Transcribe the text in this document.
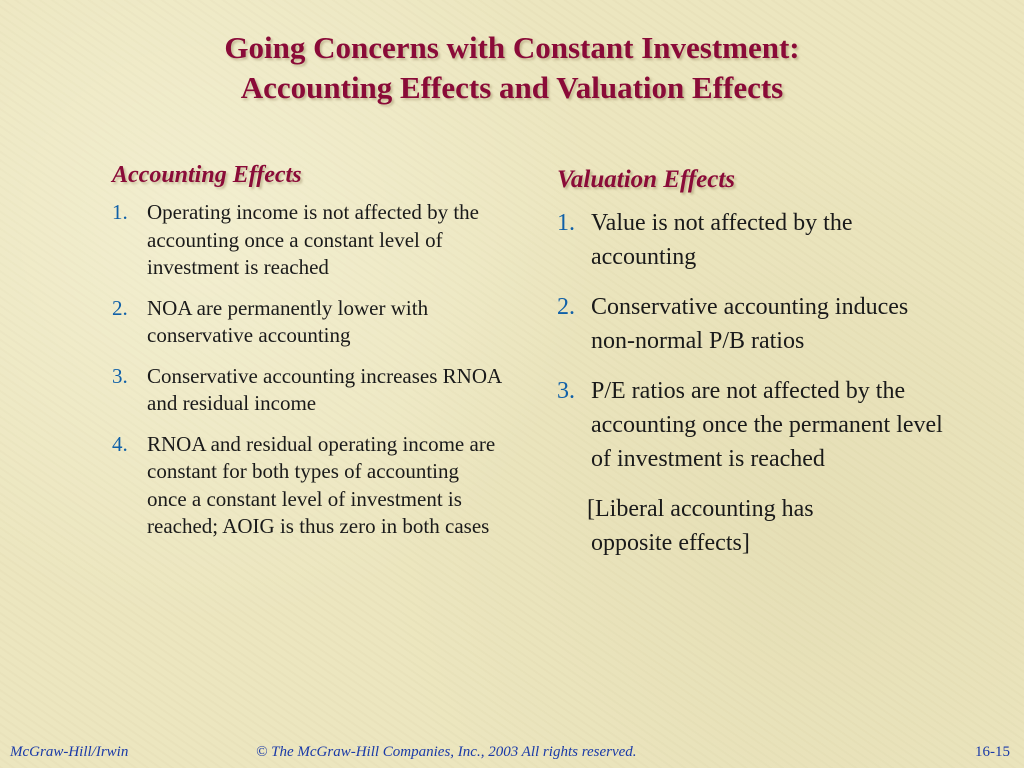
Going Concerns with Constant Investment:
Accounting Effects and Valuation Effects
Accounting Effects
1. Operating income is not affected by the accounting once a constant level of investment is reached
2. NOA are permanently lower with conservative accounting
3. Conservative accounting increases RNOA and residual income
4. RNOA and residual operating income are constant for both types of accounting once a constant level of investment is reached; AOIG is thus zero in both cases
Valuation Effects
1. Value is not affected by the accounting
2. Conservative accounting induces non-normal P/B ratios
3. P/E ratios are not affected by the accounting once the permanent level of investment is reached
[Liberal accounting has
opposite effects]
McGraw-Hill/Irwin	© The McGraw-Hill Companies, Inc., 2003 All rights reserved.	16-15
